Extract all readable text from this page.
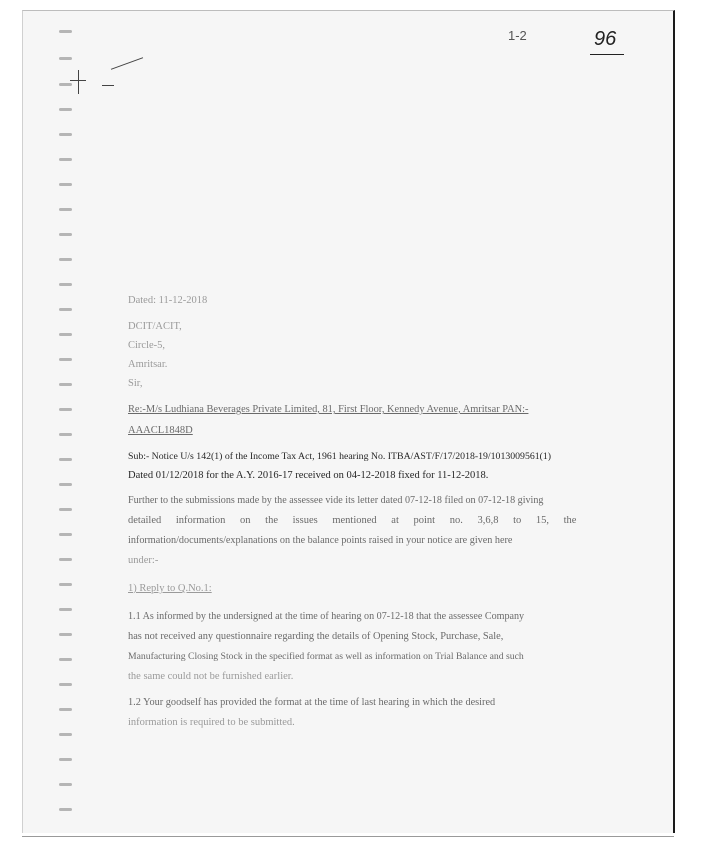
1-2	96
Dated: 11-12-2018
DCIT/ACIT,
Circle-5,
Amritsar.
Sir,
Re:-M/s Ludhiana Beverages Private Limited, 81, First Floor, Kennedy Avenue, Amritsar PAN:-
AAACL1848D
Sub:- Notice U/s 142(1) of the Income Tax Act, 1961 hearing No. ITBA/AST/F/17/2018-19/1013009561(1)
Dated 01/12/2018 for the A.Y. 2016-17 received on 04-12-2018 fixed for 11-12-2018.
Further to the submissions made by the assessee vide its letter dated 07-12-18 filed on 07-12-18 giving
detailed information on the issues mentioned at point no. 3,6,8 to 15, the
information/documents/explanations on the balance points raised in your notice are given here
under:-
1) Reply to Q.No.1:
1.1 As informed by the undersigned at the time of hearing on 07-12-18 that the assessee Company
has not received any questionnaire regarding the details of Opening Stock, Purchase, Sale,
Manufacturing Closing Stock in the specified format as well as information on Trial Balance and such
the same could not be furnished earlier.
1.2 Your goodself has provided the format at the time of last hearing in which the desired
information is required to be submitted.
